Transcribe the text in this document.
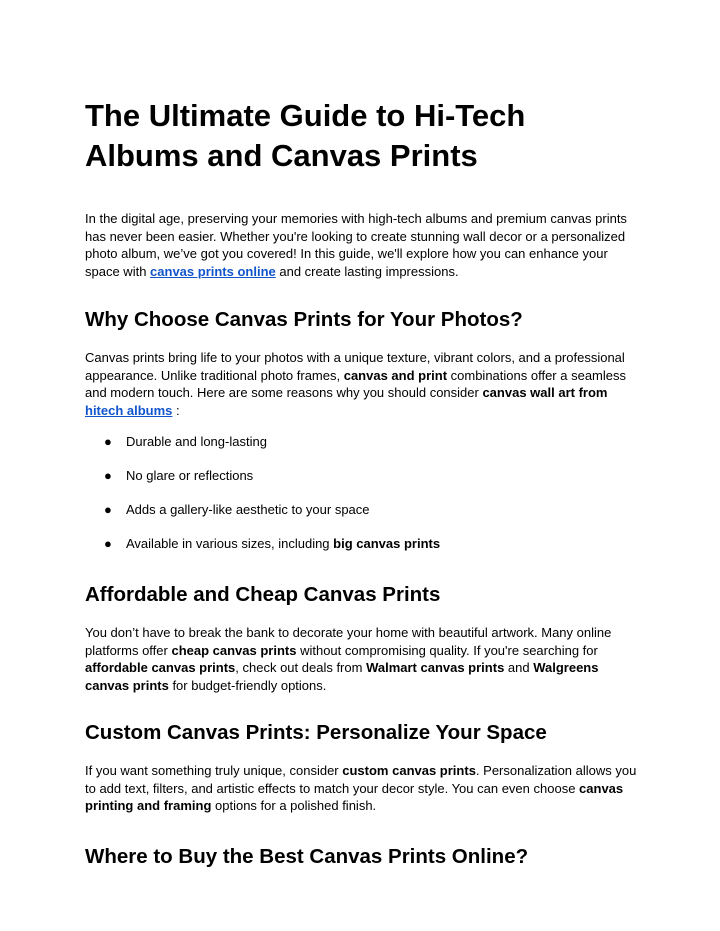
The Ultimate Guide to Hi-Tech
Albums and Canvas Prints

In the digital age, preserving your memories with high-tech albums and premium canvas prints has never been easier. Whether you're looking to create stunning wall decor or a personalized photo album, we’ve got you covered! In this guide, we'll explore how you can enhance your space with canvas prints online and create lasting impressions.

Why Choose Canvas Prints for Your Photos?

Canvas prints bring life to your photos with a unique texture, vibrant colors, and a professional appearance. Unlike traditional photo frames, canvas and print combinations offer a seamless and modern touch. Here are some reasons why you should consider canvas wall art from hitech albums :

● Durable and long-lasting
● No glare or reflections
● Adds a gallery-like aesthetic to your space
● Available in various sizes, including big canvas prints
Affordable and Cheap Canvas Prints

You don’t have to break the bank to decorate your home with beautiful artwork. Many online platforms offer cheap canvas prints without compromising quality. If you're searching for affordable canvas prints, check out deals from Walmart canvas prints and Walgreens canvas prints for budget-friendly options.

Custom Canvas Prints: Personalize Your Space

If you want something truly unique, consider custom canvas prints. Personalization allows you to add text, filters, and artistic effects to match your decor style. You can even choose canvas printing and framing options for a polished finish.

Where to Buy the Best Canvas Prints Online?
